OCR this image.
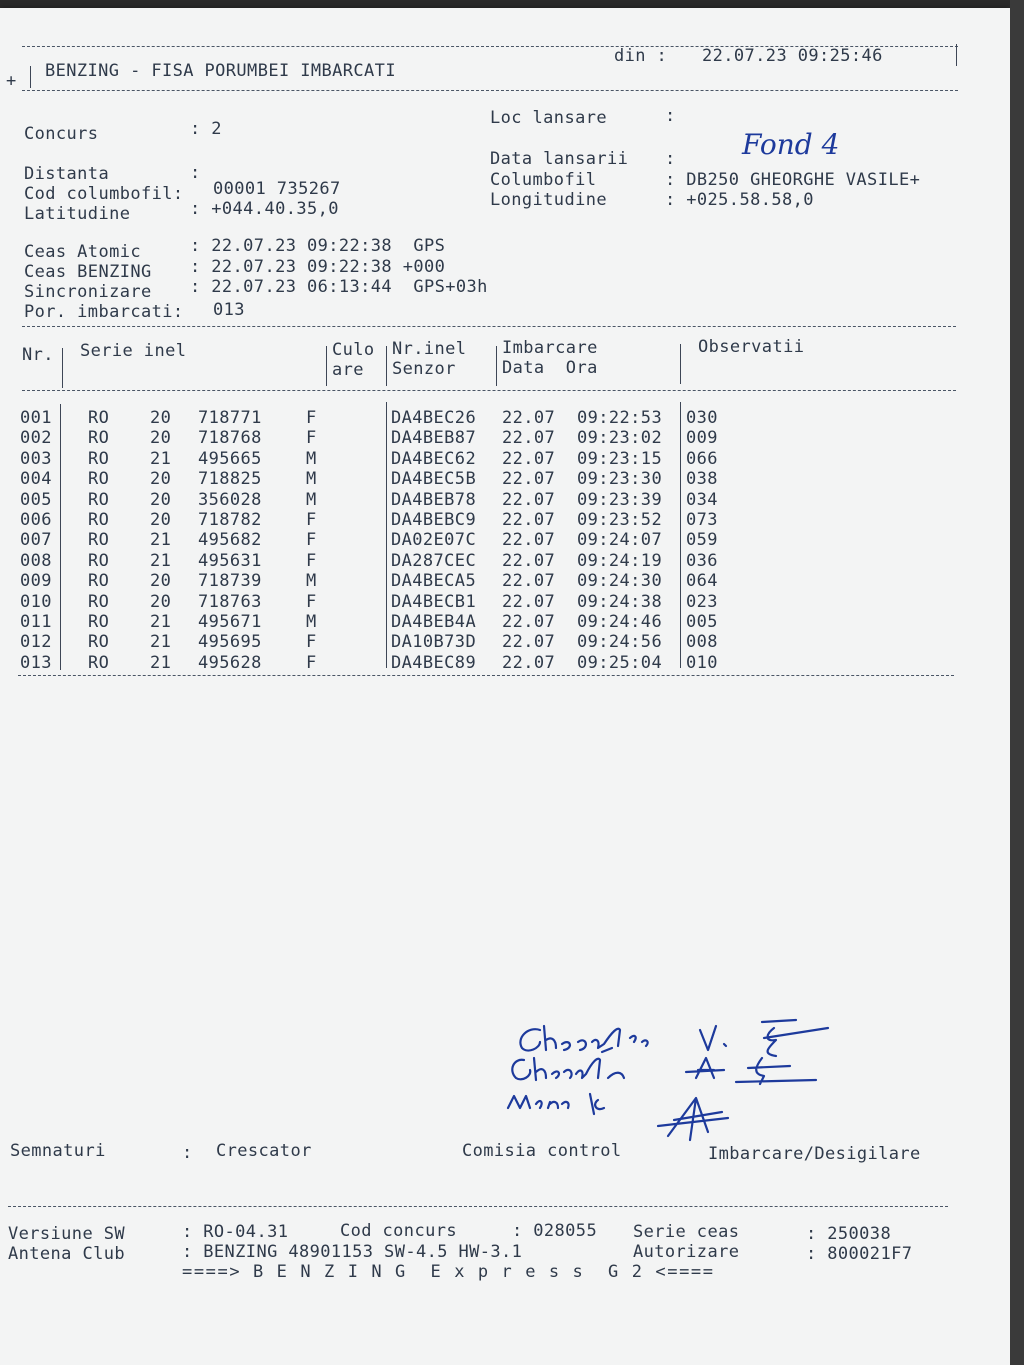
+ BENZING - FISA PORUMBEI IMBARCATI
din : 22.07.23 09:25:46
Concurs	: 2
Loc lansare	:
Fond 4
Distanta	:
Data lansarii :
Cod columbofil: 00001 735267	Columbofil	: DB250 GHEORGHE VASILE+
Latitudine	: +044.40.35,0	Longitudine	: +025.58.58,0
Ceas Atomic	: 22.07.23 09:22:38  GPS
Ceas BENZING : 22.07.23 09:22:38 +000
Sincronizare : 22.07.23 06:13:44  GPS+03h
Por. imbarcati: 013
Nr. Serie inel	Culo
are
Nr.inel
Senzor
Imbarcare
Data  Ora
Observatii
001 RO 20 718771	F	DA4BEC26 22.07 09:22:53 030
002 RO 20 718768	F	DA4BEB87 22.07 09:23:02 009
003 RO 21 495665	M	DA4BEC62 22.07 09:23:15 066
004 RO 20 718825	M	DA4BEC5B 22.07 09:23:30 038
005 RO 20 356028	M	DA4BEB78 22.07 09:23:39 034
006 RO 20 718782	F	DA4BEBC9 22.07 09:23:52 073
007 RO 21 495682	F	DA02E07C 22.07 09:24:07 059
008 RO 21 495631	F	DA287CEC 22.07 09:24:19 036
009 RO 20 718739	M	DA4BECA5 22.07 09:24:30 064
010 RO 20 718763	F	DA4BECB1 22.07 09:24:38 023
011 RO 21 495671	M	DA4BEB4A 22.07 09:24:46 005
012 RO 21 495695	F	DA10B73D 22.07 09:24:56 008
013 RO 21 495628	F	DA4BEC89 22.07 09:25:04 010
Semnaturi	: Crescator	Comisia control	Imbarcare/Desigilare
Versiune SW	: RO-04.31	Cod concurs	: 028055 Serie ceas	: 250038
Antena Club	: BENZING 48901153 SW-4.5 HW-3.1	Autorizare	: 800021F7
====> B E N Z I N G  E x p r e s s  G 2 <====
